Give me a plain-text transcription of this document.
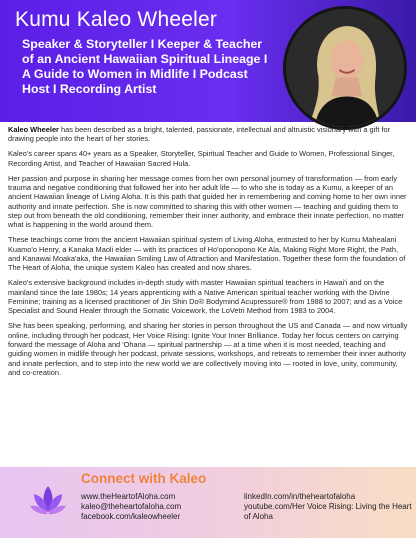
Kumu Kaleo Wheeler
Speaker & Storyteller I Keeper & Teacher of an Ancient Hawaiian Spiritual Lineage I A Guide to Women in Midlife I Podcast Host I Recording Artist

Kaleo Wheeler has been described as a bright, talented, passionate, intellectual and altruistic visionary with a gift for drawing people into the heart of her stories.

Kaleo's career spans 40+ years as a Speaker, Storyteller, Spiritual Teacher and Guide to Women, Professional Singer, Recording Artist, and Teacher of Hawaiian Sacred Hula.

Her passion and purpose in sharing her message comes from her own personal journey of transformation — from early trauma and negative conditioning that followed her into her adult life — to who she is today as a Kumu, a keeper of an ancient Hawaiian lineage of Living Aloha. It is this path that guided her in remembering and coming home to her own inner authority and innate perfection. She is now committed to sharing this with other women — teaching and guiding them to step out from beneath the old conditioning, remember their inner authority, and embrace their innate perfection, no matter what is happening in the world around them.

These teachings come from the ancient Hawaiian spiritual system of Living Aloha, entrusted to her by Kumu Mahealani Kuamo'o Henry, a Kanaka Maoli elder — with its practices of Ho'oponopono Ke Ala, Making Right More Right, the Path, and Kanawai Moaka'aka, the Hawaiian Smiling Law of Attraction and Manifestation. Together these form the foundation of The Heart of Aloha, the unique system Kaleo has created and now shares.

Kaleo's extensive background includes in-depth study with master Hawaiian spiritual teachers in Hawai'i and on the mainland since the late 1980s; 14 years apprenticing with a Native American spiritual teacher working with the Divine Feminine; training as a licensed practitioner of Jin Shin Do® Bodymind Acupressure® from 1988 to 2007; and as a Voice Specialist and Sound Healer through the Somatic Voicework, the LoVetri Method from 1983 to 2004.

She has been speaking, performing, and sharing her stories in person throughout the US and Canada — and now virtually online, including through her podcast, Her Voice Rising: Ignite Your Inner Brilliance. Today her focus centers on carrying forward the message of Aloha and 'Ohana — spiritual partnership — at a time when it is most needed, teaching and guiding women in midlife through her podcast, private sessions, workshops, and retreats to remember their inner authority and innate perfection, and to step into the new world we are collectively moving into — rooted in love, unity, community, and co-creation.

Connect with Kaleo
www.theHeartofAloha.com
kaleo@theheartofaloha.com
facebook.com/kaleowheeler
linkedIn.com/in/theheartofaloha
youtube.com/Her Voice Rising: Living the Heart of Aloha
